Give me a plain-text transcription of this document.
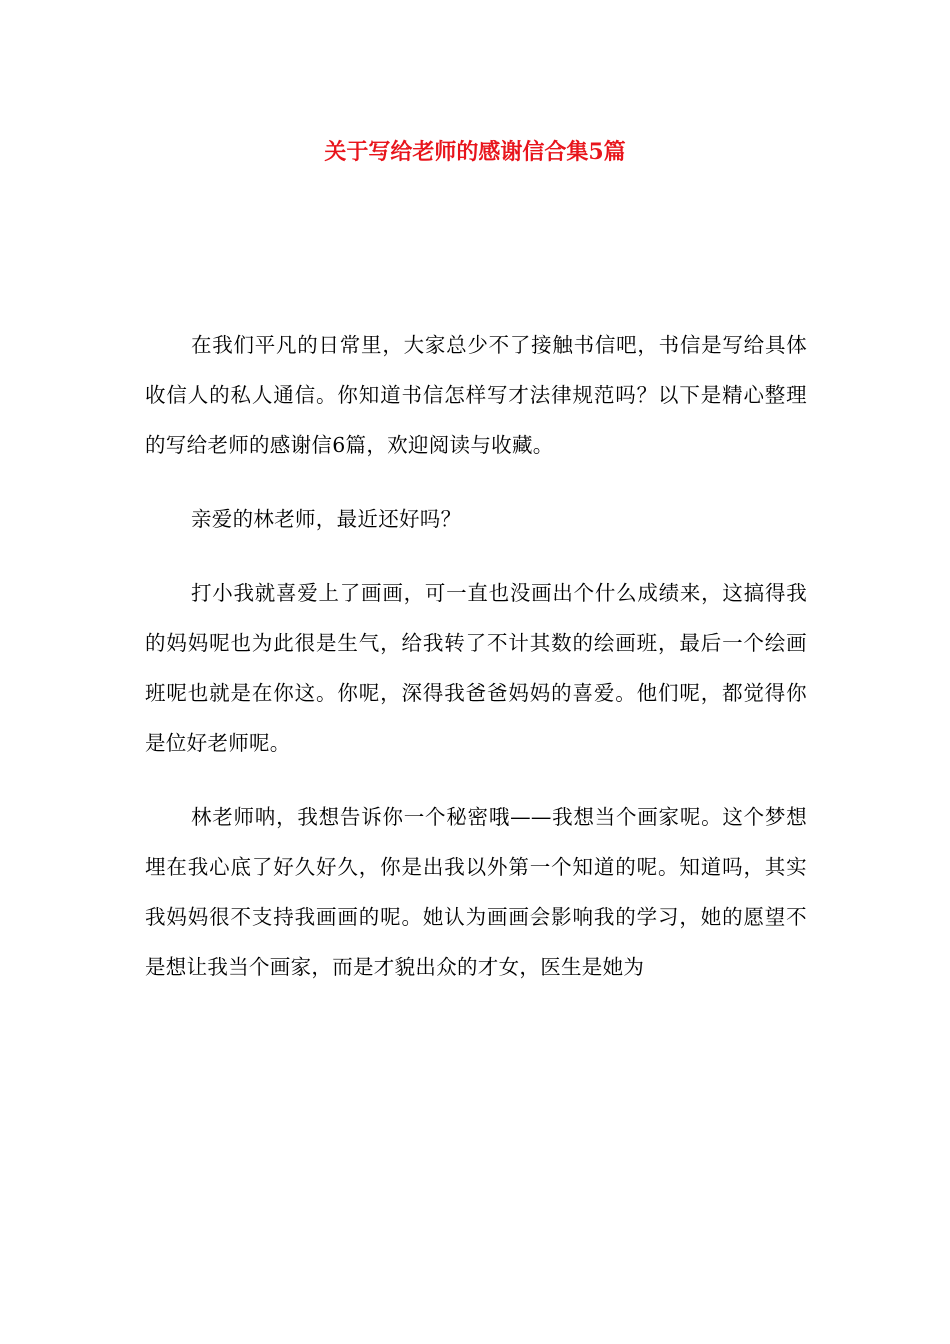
关于写给老师的感谢信合集5篇

在我们平凡的日常里，大家总少不了接触书信吧，书信是写给具体收信人的私人通信。你知道书信怎样写才法律规范吗？以下是精心整理的写给老师的感谢信6篇，欢迎阅读与收藏。

亲爱的林老师，最近还好吗？

打小我就喜爱上了画画，可一直也没画出个什么成绩来，这搞得我的妈妈呢也为此很是生气，给我转了不计其数的绘画班，最后一个绘画班呢也就是在你这。你呢，深得我爸爸妈妈的喜爱。他们呢，都觉得你是位好老师呢。

林老师呐，我想告诉你一个秘密哦——我想当个画家呢。这个梦想埋在我心底了好久好久，你是出我以外第一个知道的呢。知道吗，其实我妈妈很不支持我画画的呢。她认为画画会影响我的学习，她的愿望不是想让我当个画家，而是才貌出众的才女，医生是她为
